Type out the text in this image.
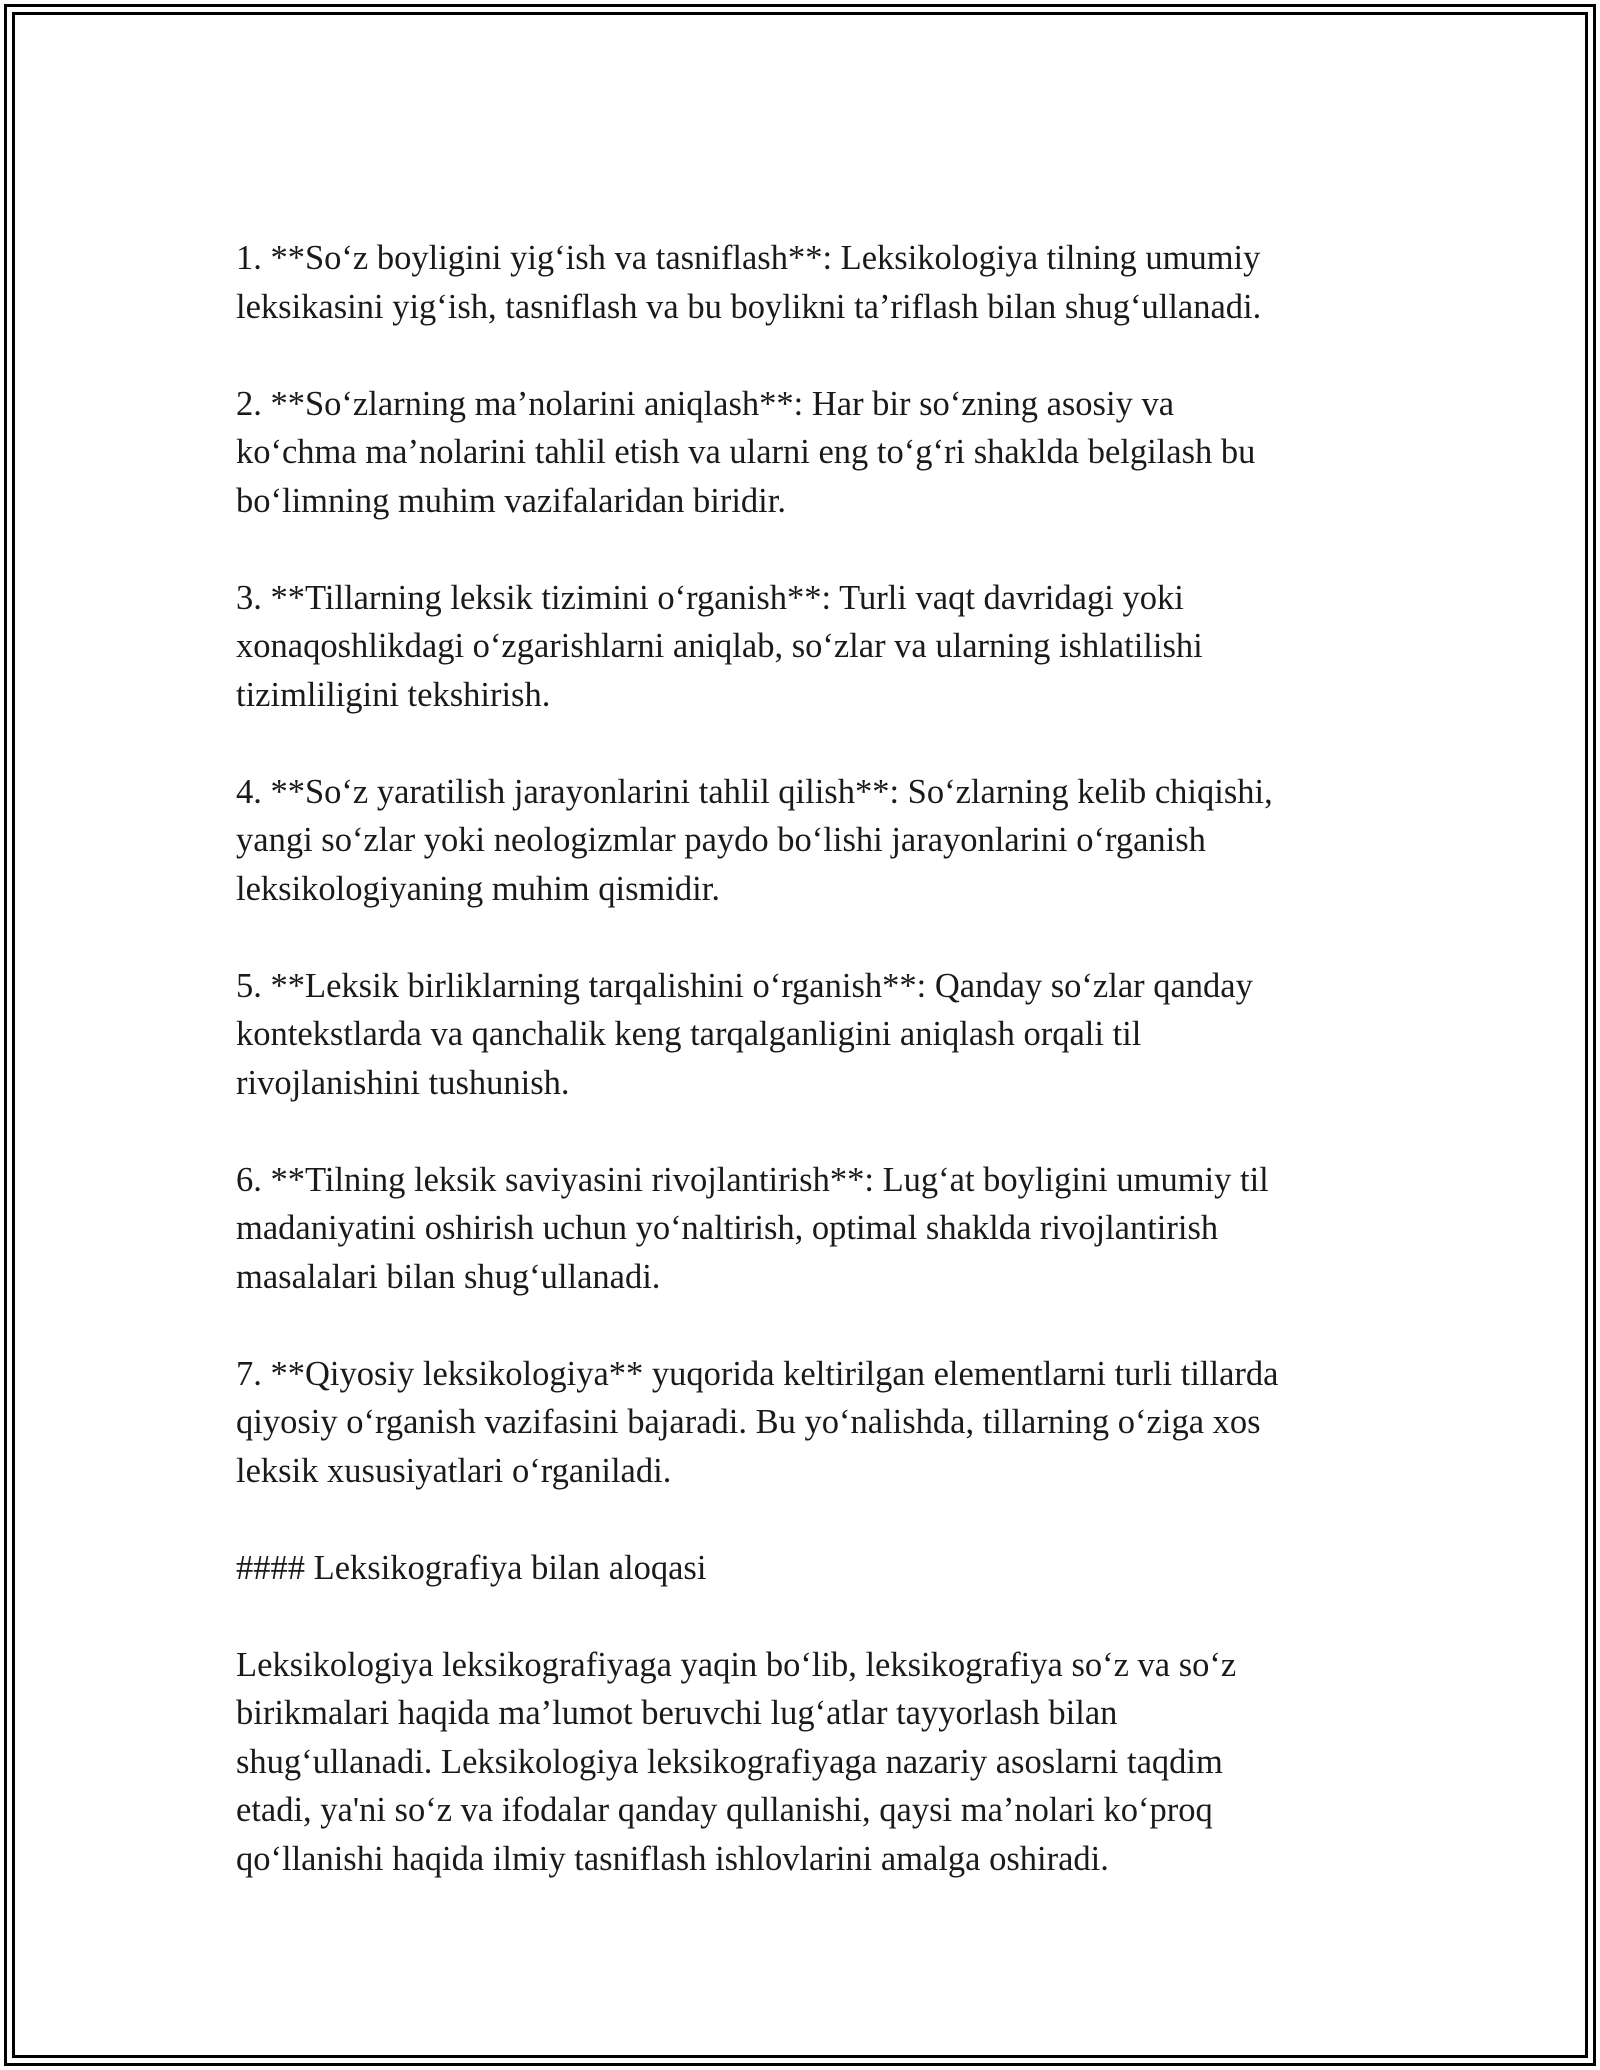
1. **So‘z boyligini yig‘ish va tasniflash**: Leksikologiya tilning umumiy
leksikasini yig‘ish, tasniflash va bu boylikni ta’riflash bilan shug‘ullanadi.

2. **So‘zlarning ma’nolarini aniqlash**: Har bir so‘zning asosiy va
ko‘chma ma’nolarini tahlil etish va ularni eng to‘g‘ri shaklda belgilash bu
bo‘limning muhim vazifalaridan biridir.

3. **Tillarning leksik tizimini o‘rganish**: Turli vaqt davridagi yoki
xonaqoshlikdagi o‘zgarishlarni aniqlab, so‘zlar va ularning ishlatilishi
tizimliligini tekshirish.

4. **So‘z yaratilish jarayonlarini tahlil qilish**: So‘zlarning kelib chiqishi,
yangi so‘zlar yoki neologizmlar paydo bo‘lishi jarayonlarini o‘rganish
leksikologiyaning muhim qismidir.

5. **Leksik birliklarning tarqalishini o‘rganish**: Qanday so‘zlar qanday
kontekstlarda va qanchalik keng tarqalganligini aniqlash orqali til
rivojlanishini tushunish.

6. **Tilning leksik saviyasini rivojlantirish**: Lug‘at boyligini umumiy til
madaniyatini oshirish uchun yo‘naltirish, optimal shaklda rivojlantirish
masalalari bilan shug‘ullanadi.

7. **Qiyosiy leksikologiya** yuqorida keltirilgan elementlarni turli tillarda
qiyosiy o‘rganish vazifasini bajaradi. Bu yo‘nalishda, tillarning o‘ziga xos
leksik xususiyatlari o‘rganiladi.

#### Leksikografiya bilan aloqasi

Leksikologiya leksikografiyaga yaqin bo‘lib, leksikografiya so‘z va so‘z
birikmalari haqida ma’lumot beruvchi lug‘atlar tayyorlash bilan
shug‘ullanadi. Leksikologiya leksikografiyaga nazariy asoslarni taqdim
etadi, ya'ni so‘z va ifodalar qanday qullanishi, qaysi ma’nolari ko‘proq
qo‘llanishi haqida ilmiy tasniflash ishlovlarini amalga oshiradi.
